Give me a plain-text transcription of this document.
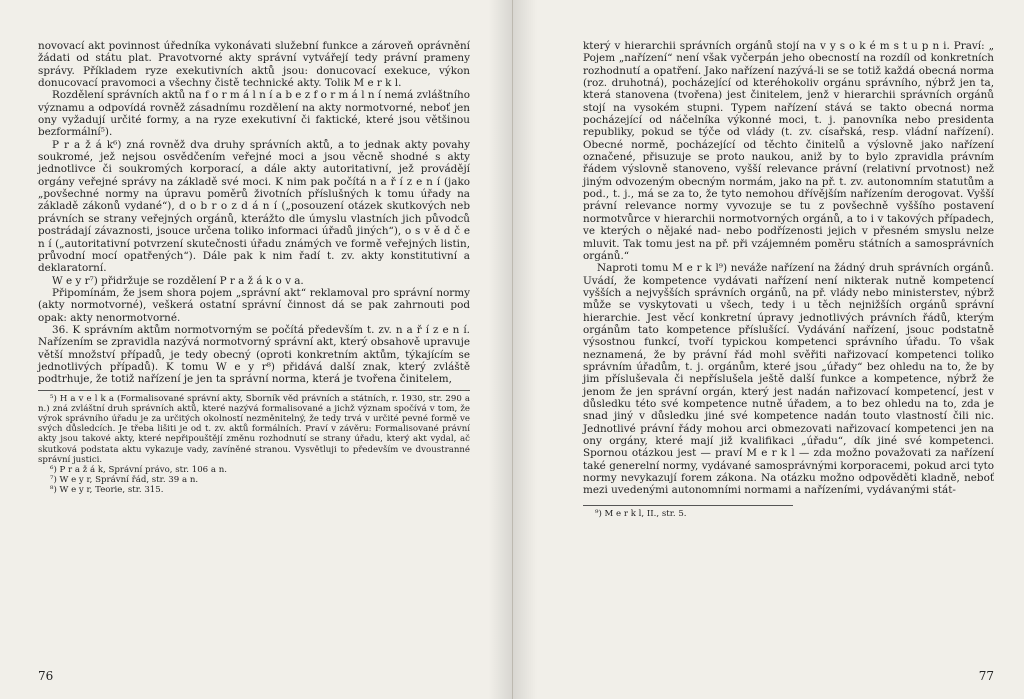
novovací akt povinnost úředníka vykonávati služební funkce a zároveň oprávnění žádati od státu plat. Pravotvorné akty správní vytvářejí tedy právní prameny správy. Příkladem ryze exekutivních aktů jsou: donucovací exekuce, výkon donucovací pravomoci a všechny čistě technické akty. Tolik M e r k l.

Rozdělení správních aktů na f o r m á l n í a b e z f o r m á l n í nemá zvláštního významu a odpovídá rovněž zásadnímu rozdělení na akty normotvorné, neboť jen ony vyžadují určité formy, a na ryze exekutivní či faktické, které jsou většinou bezformální⁵).

P r a ž á k⁶) zná rovněž dva druhy správních aktů, a to jednak akty povahy soukromé, jež nejsou osvědčením veřejné moci a jsou věcně shodné s akty jednotlivce či soukromých korporací, a dále akty autoritativní, jež provádějí orgány veřejné správy na základě své moci. K nim pak počítá n a ř í z e n í (jako „povšechné normy na úpravu poměrů životních příslušných k tomu úřady na základě zákonů vydané“), d o b r o z d á n í („posouzení otázek skutkových neb právních se strany veřejných orgánů, kterážto dle úmyslu vlastních jich původců postrádají závaznosti, jsouce určena toliko informaci úřadů jiných“), o s v ě d č e n í („autoritativní potvrzení skutečnosti úřadu známých ve formě veřejných listin, průvodní mocí opatřených“). Dále pak k nim řadí t. zv. akty konstitutivní a deklaratorní.

W e y r⁷) přidržuje se rozdělení P r a ž á k o v a.

Připomínám, že jsem shora pojem „správní akt“ reklamoval pro správní normy (akty normotvorné), veškerá ostatní správní činnost dá se pak zahrnouti pod opak: akty nenormotvorné.

36. K správním aktům normotvorným se počítá především t. zv. n a ř í z e n í. Nařízením se zpravidla nazývá normotvorný správní akt, který obsahově upravuje větší množství případů, je tedy obecný (oproti konkretním aktům, týkajícím se jednotlivých případů). K tomu W e y r⁸) přidává další znak, který zvláště podtrhuje, že totiž nařízení je jen ta správní norma, která je tvořena činitelem,

⁵) H a v e l k a (Formalisované správní akty, Sborník věd právních a státních, r. 1930, str. 290 a n.) zná zvláštní druh správních aktů, které nazývá formalisované a jichž význam spočívá v tom, že výrok správního úřadu je za určitých okolností nezměnitelný, že tedy trvá v určité pevné formě ve svých důsledcích. Je třeba lišiti je od t. zv. aktů formálních. Praví v závěru: Formalisované právní akty jsou takové akty, které nepřipouštějí změnu rozhodnutí se strany úřadu, který akt vydal, ač skutková podstata aktu vykazuje vady, zavíněné stranou. Vysvětluji to především ve dvoustranné správní justici.

⁶) P r a ž á k, Správní právo, str. 106 a n.

⁷) W e y r, Správní řád, str. 39 a n.

⁸) W e y r, Teorie, str. 315.

76

který v hierarchii správních orgánů stojí na v y s o k é m s t u p n i. Praví: „ Pojem „nařízení“ není však vyčerpán jeho obecností na rozdíl od konkretních rozhodnutí a opatření. Jako nařízení nazývá-li se se totiž každá obecná norma (roz. druhotná), pocházející od kteréhokoliv orgánu správního, nýbrž jen ta, která stanovena (tvořena) jest činitelem, jenž v hierarchii správních orgánů stojí na vysokém stupni. Typem nařízení stává se takto obecná norma pocházející od náčelníka výkonné moci, t. j. panovníka nebo presidenta republiky, pokud se týče od vlády (t. zv. císařská, resp. vládní nařízení). Obecné normě, pocházející od těchto činitelů a výslovně jako nařízení označené, přisuzuje se proto naukou, aniž by to bylo zpravidla právním řádem výslovně stanoveno, vyšší relevance právní (relativní prvotnost) než jiným odvozeným obecným normám, jako na př. t. zv. autonomním statutům a pod., t. j., má se za to, že tyto nemohou dřívějším nařízením derogovat. Vyšší právní relevance normy vyvozuje se tu z povšechně vyššího postavení normotvůrce v hierarchii normotvorných orgánů, a to i v takových případech, ve kterých o nějaké nad- nebo podřízenosti jejich v přesném smyslu nelze mluvit. Tak tomu jest na př. při vzájemném poměru státních a samosprávních orgánů.“

Naproti tomu M e r k l⁹) neváže nařízení na žádný druh správních orgánů. Uvádí, že kompetence vydávati nařízení není nikterak nutně kompetencí vyšších a nejvyšších správních orgánů, na př. vlády nebo ministerstev, nýbrž může se vyskytovati u všech, tedy i u těch nejnižších orgánů správní hierarchie. Jest věcí konkretní úpravy jednotlivých právních řádů, kterým orgánům tato kompetence příslušící. Vydávání nařízení, jsouc podstatně výsostnou funkcí, tvoří typickou kompetenci správního úřadu. To však neznamená, že by právní řád mohl svěřiti nařizovací kompetenci toliko správním úřadům, t. j. orgánům, které jsou „úřady“ bez ohledu na to, že by jim přísluševala či nepříslušela ještě další funkce a kompetence, nýbrž že jenom že jen správní orgán, který jest nadán nařizovací kompetencí, jest v důsledku této své kompetence nutně úřadem, a to bez ohledu na to, zda je snad jiný v důsledku jiné své kompetence nadán touto vlastností čili nic. Jednotlivé právní řády mohou arci obmezovati nařizovací kompetenci jen na ony orgány, které mají již kvalifikaci „úřadu“, dík jiné své kompetenci. Spornou otázkou jest — praví M e r k l — zda možno považovati za nařízení také generelní normy, vydávané samosprávnými korporacemi, pokud arci tyto normy nevykazují forem zákona. Na otázku možno odpověděti kladně, neboť mezi uvedenými autonomními normami a nařízeními, vydávanými stát-

⁹) M e r k l, II., str. 5.

77
